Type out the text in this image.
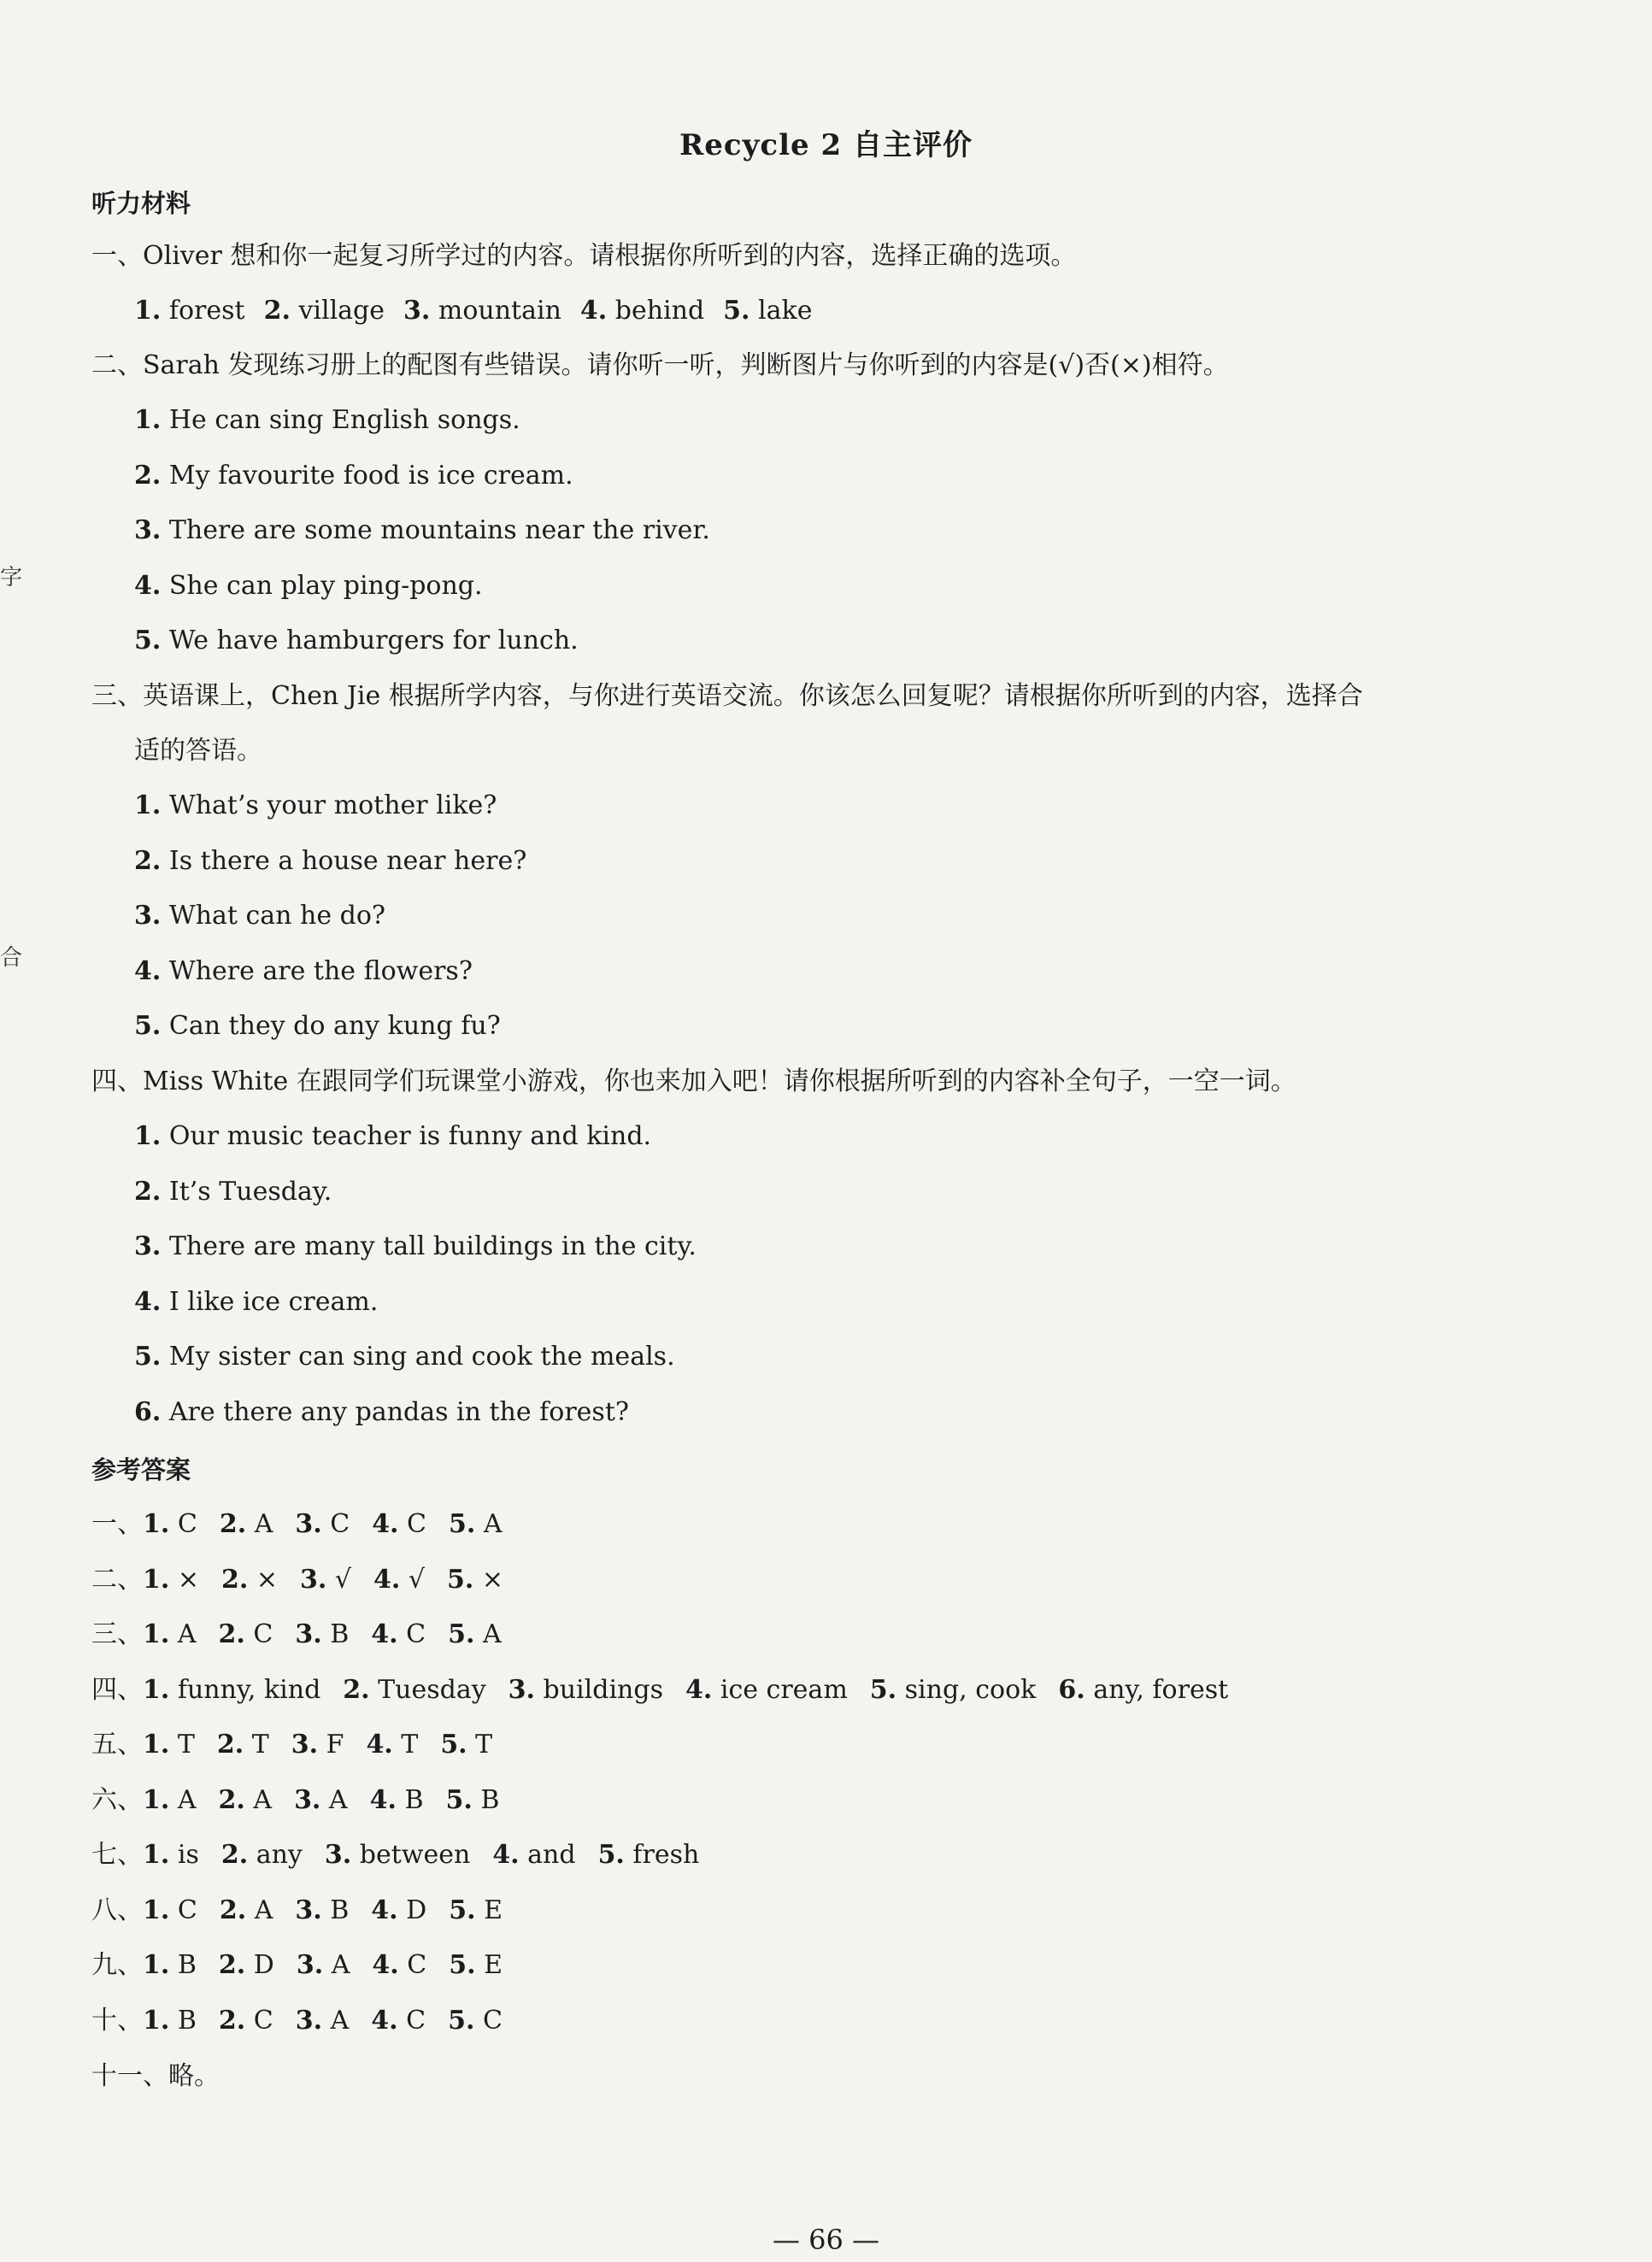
Recycle 2 自主评价
听力材料
一、Oliver 想和你一起复习所学过的内容。请根据你所听到的内容，选择正确的选项。
1. forest 2. village 3. mountain 4. behind 5. lake
二、Sarah 发现练习册上的配图有些错误。请你听一听，判断图片与你听到的内容是(√)否(×)相符。
1. He can sing English songs.
2. My favourite food is ice cream.
3. There are some mountains near the river.
4. She can play ping-pong.
5. We have hamburgers for lunch.
三、英语课上，Chen Jie 根据所学内容，与你进行英语交流。你该怎么回复呢？请根据你所听到的内容，选择合
适的答语。
1. What’s your mother like?
2. Is there a house near here?
3. What can he do?
4. Where are the flowers?
5. Can they do any kung fu?
四、Miss White 在跟同学们玩课堂小游戏，你也来加入吧！请你根据所听到的内容补全句子，一空一词。
1. Our music teacher is funny and kind.
2. It’s Tuesday.
3. There are many tall buildings in the city.
4. I like ice cream.
5. My sister can sing and cook the meals.
6. Are there any pandas in the forest?
参考答案
一、1. C 2. A 3. C 4. C 5. A
二、1. × 2. × 3. √ 4. √ 5. ×
三、1. A 2. C 3. B 4. C 5. A
四、1. funny, kind 2. Tuesday 3. buildings 4. ice cream 5. sing, cook 6. any, forest
五、1. T 2. T 3. F 4. T 5. T
六、1. A 2. A 3. A 4. B 5. B
七、1. is 2. any 3. between 4. and 5. fresh
八、1. C 2. A 3. B 4. D 5. E
九、1. B 2. D 3. A 4. C 5. E
十、1. B 2. C 3. A 4. C 5. C
十一、略。
字
合
— 66 —
